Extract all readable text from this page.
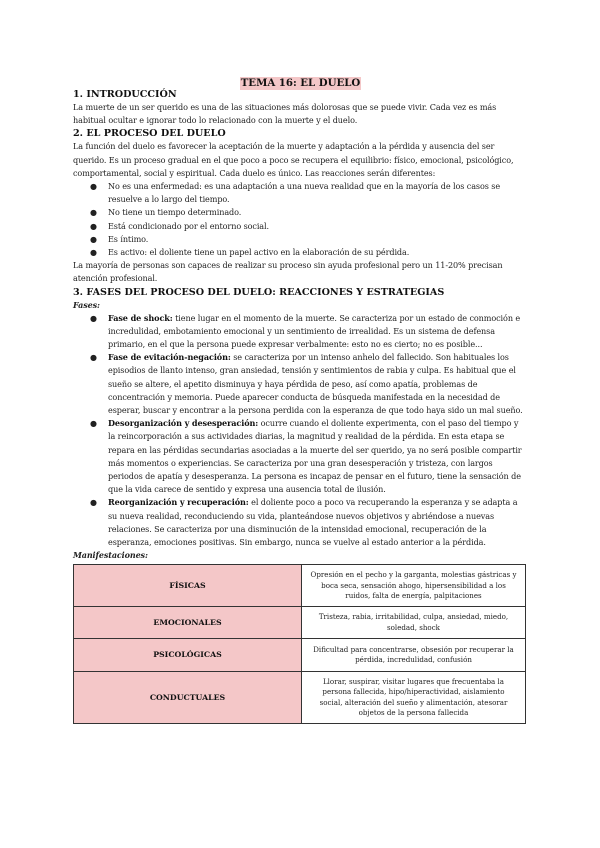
TEMA 16: EL DUELO
1. INTRODUCCIÓN

La muerte de un ser querido es una de las situaciones más dolorosas que se puede vivir. Cada vez es más habitual ocultar e ignorar todo lo relacionado con la muerte y el duelo.

2. EL PROCESO DEL DUELO

La función del duelo es favorecer la aceptación de la muerte y adaptación a la pérdida y ausencia del ser querido. Es un proceso gradual en el que poco a poco se recupera el equilibrio: físico, emocional, psicológico, comportamental, social y espiritual. Cada duelo es único. Las reacciones serán diferentes:

● No es una enfermedad: es una adaptación a una nueva realidad que en la mayoría de los casos se resuelve a lo largo del tiempo.
● No tiene un tiempo determinado.
● Está condicionado por el entorno social.
● Es íntimo.
● Es activo: el doliente tiene un papel activo en la elaboración de su pérdida.

La mayoría de personas son capaces de realizar su proceso sin ayuda profesional pero un 11-20% precisan atención profesional.

3. FASES DEL PROCESO DEL DUELO: REACCIONES Y ESTRATEGIAS

Fases:

● Fase de shock: tiene lugar en el momento de la muerte. Se caracteriza por un estado de conmoción e incredulidad, embotamiento emocional y un sentimiento de irrealidad. Es un sistema de defensa primario, en el que la persona puede expresar verbalmente: esto no es cierto; no es posible...
● Fase de evitación-negación: se caracteriza por un intenso anhelo del fallecido. Son habituales los episodios de llanto intenso, gran ansiedad, tensión y sentimientos de rabia y culpa. Es habitual que el sueño se altere, el apetito disminuya y haya pérdida de peso, así como apatía, problemas de concentración y memoria. Puede aparecer conducta de búsqueda manifestada en la necesidad de esperar, buscar y encontrar a la persona perdida con la esperanza de que todo haya sido un mal sueño.
● Desorganización y desesperación: ocurre cuando el doliente experimenta, con el paso del tiempo y la reincorporación a sus actividades diarias, la magnitud y realidad de la pérdida. En esta etapa se repara en las pérdidas secundarias asociadas a la muerte del ser querido, ya no será posible compartir más momentos o experiencias. Se caracteriza por una gran desesperación y tristeza, con largos periodos de apatía y desesperanza. La persona es incapaz de pensar en el futuro, tiene la sensación de que la vida carece de sentido y expresa una ausencia total de ilusión.
● Reorganización y recuperación: el doliente poco a poco va recuperando la esperanza y se adapta a su nueva realidad, reconduciendo su vida, planteándose nuevos objetivos y abriéndose a nuevas relaciones. Se caracteriza por una disminución de la intensidad emocional, recuperación de la esperanza, emociones positivas. Sin embargo, nunca se vuelve al estado anterior a la pérdida.

Manifestaciones:

FÍSICAS	Opresión en el pecho y la garganta, molestias gástricas y boca seca, sensación ahogo, hipersensibilidad a los ruidos, falta de energía, palpitaciones
EMOCIONALES	Tristeza, rabia, irritabilidad, culpa, ansiedad, miedo, soledad, shock
PSICOLÓGICAS	Dificultad para concentrarse, obsesión por recuperar la pérdida, incredulidad, confusión
CONDUCTUALES	Llorar, suspirar, visitar lugares que frecuentaba la persona fallecida, hipo/hiperactividad, aislamiento social, alteración del sueño y alimentación, atesorar objetos de la persona fallecida
